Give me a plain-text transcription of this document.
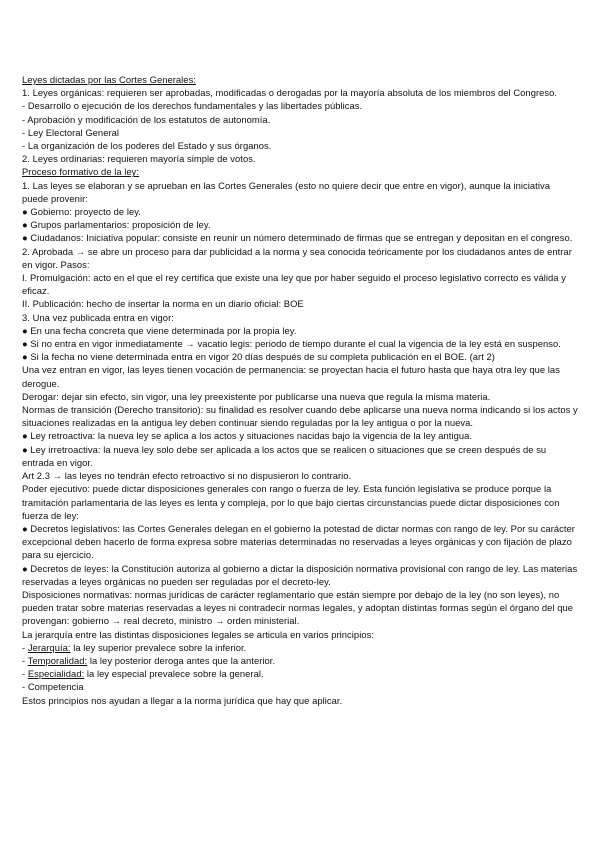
Leyes dictadas por las Cortes Generales:

1. Leyes orgánicas: requieren ser aprobadas, modificadas o derogadas por la mayoría absoluta de los miembros del Congreso.

- Desarrollo o ejecución de los derechos fundamentales y las libertades públicas.

- Aprobación y modificación de los estatutos de autonomía.

- Ley Electoral General

- La organización de los poderes del Estado y sus órganos.

2. Leyes ordinarias: requieren mayoría simple de votos.

Proceso formativo de la ley:

1. Las leyes se elaboran y se aprueban en las Cortes Generales (esto no quiere decir que entre en vigor), aunque la iniciativa puede provenir:

● Gobierno: proyecto de ley.

● Grupos parlamentarios: proposición de ley.

● Ciudadanos: Iniciativa popular: consiste en reunir un número determinado de firmas que se entregan y depositan en el congreso.

2. Aprobada → se abre un proceso para dar publicidad a la norma y sea conocida teóricamente por los ciudadanos antes de entrar en vigor. Pasos:

I. Promulgación: acto en el que el rey certifica que existe una ley que por haber seguido el proceso legislativo correcto es válida y eficaz.

II. Publicación: hecho de insertar la norma en un diario oficial: BOE

3. Una vez publicada entra en vigor:

● En una fecha concreta que viene determinada por la propia ley.

● Si no entra en vigor inmediatamente → vacatio legis: periodo de tiempo durante el cual la vigencia de la ley está en suspenso.

● Si la fecha no viene determinada entra en vigor 20 días después de su completa publicación en el BOE. (art 2)

Una vez entran en vigor, las leyes tienen vocación de permanencia: se proyectan hacia el futuro hasta que haya otra ley que las derogue.

Derogar: dejar sin efecto, sin vigor, una ley preexistente por publicarse una nueva que regula la misma materia.

Normas de transición (Derecho transitorio): su finalidad es resolver cuando debe aplicarse una nueva norma indicando si los actos y situaciones realizadas en la antigua ley deben continuar siendo reguladas por la ley antigua o por la nueva.

● Ley retroactiva: la nueva ley se aplica a los actos y situaciones nacidas bajo la vigencia de la ley antigua.

● Ley irretroactiva: la nueva ley solo debe ser aplicada a los actos que se realicen o situaciones que se creen después de su entrada en vigor.

Art 2.3 → las leyes no tendrán efecto retroactivo si no dispusieron lo contrario.

Poder ejecutivo: puede dictar disposiciones generales con rango o fuerza de ley. Esta función legislativa se produce porque la tramitación parlamentaria de las leyes es lenta y compleja, por lo que bajo ciertas circunstancias puede dictar disposiciones con fuerza de ley:

● Decretos legislativos: las Cortes Generales delegan en el gobierno la potestad de dictar normas con rango de ley. Por su carácter excepcional deben hacerlo de forma expresa sobre materias determinadas no reservadas a leyes orgánicas y con fijación de plazo para su ejercicio.

● Decretos de leyes: la Constitución autoriza al gobierno a dictar la disposición normativa provisional con rango de ley. Las materias reservadas a leyes orgánicas no pueden ser reguladas por el decreto-ley.

Disposiciones normativas: normas jurídicas de carácter reglamentario que están siempre por debajo de la ley (no son leyes), no pueden tratar sobre materias reservadas a leyes ni contradecir normas legales, y adoptan distintas formas según el órgano del que provengan: gobierno → real decreto, ministro → orden ministerial.

La jerarquía entre las distintas disposiciones legales se articula en varios principios:

- Jerarquía: la ley superior prevalece sobre la inferior.

- Temporalidad: la ley posterior deroga antes que la anterior.

- Especialidad: la ley especial prevalece sobre la general.

- Competencia

Estos principios nos ayudan a llegar a la norma jurídica que hay que aplicar.
